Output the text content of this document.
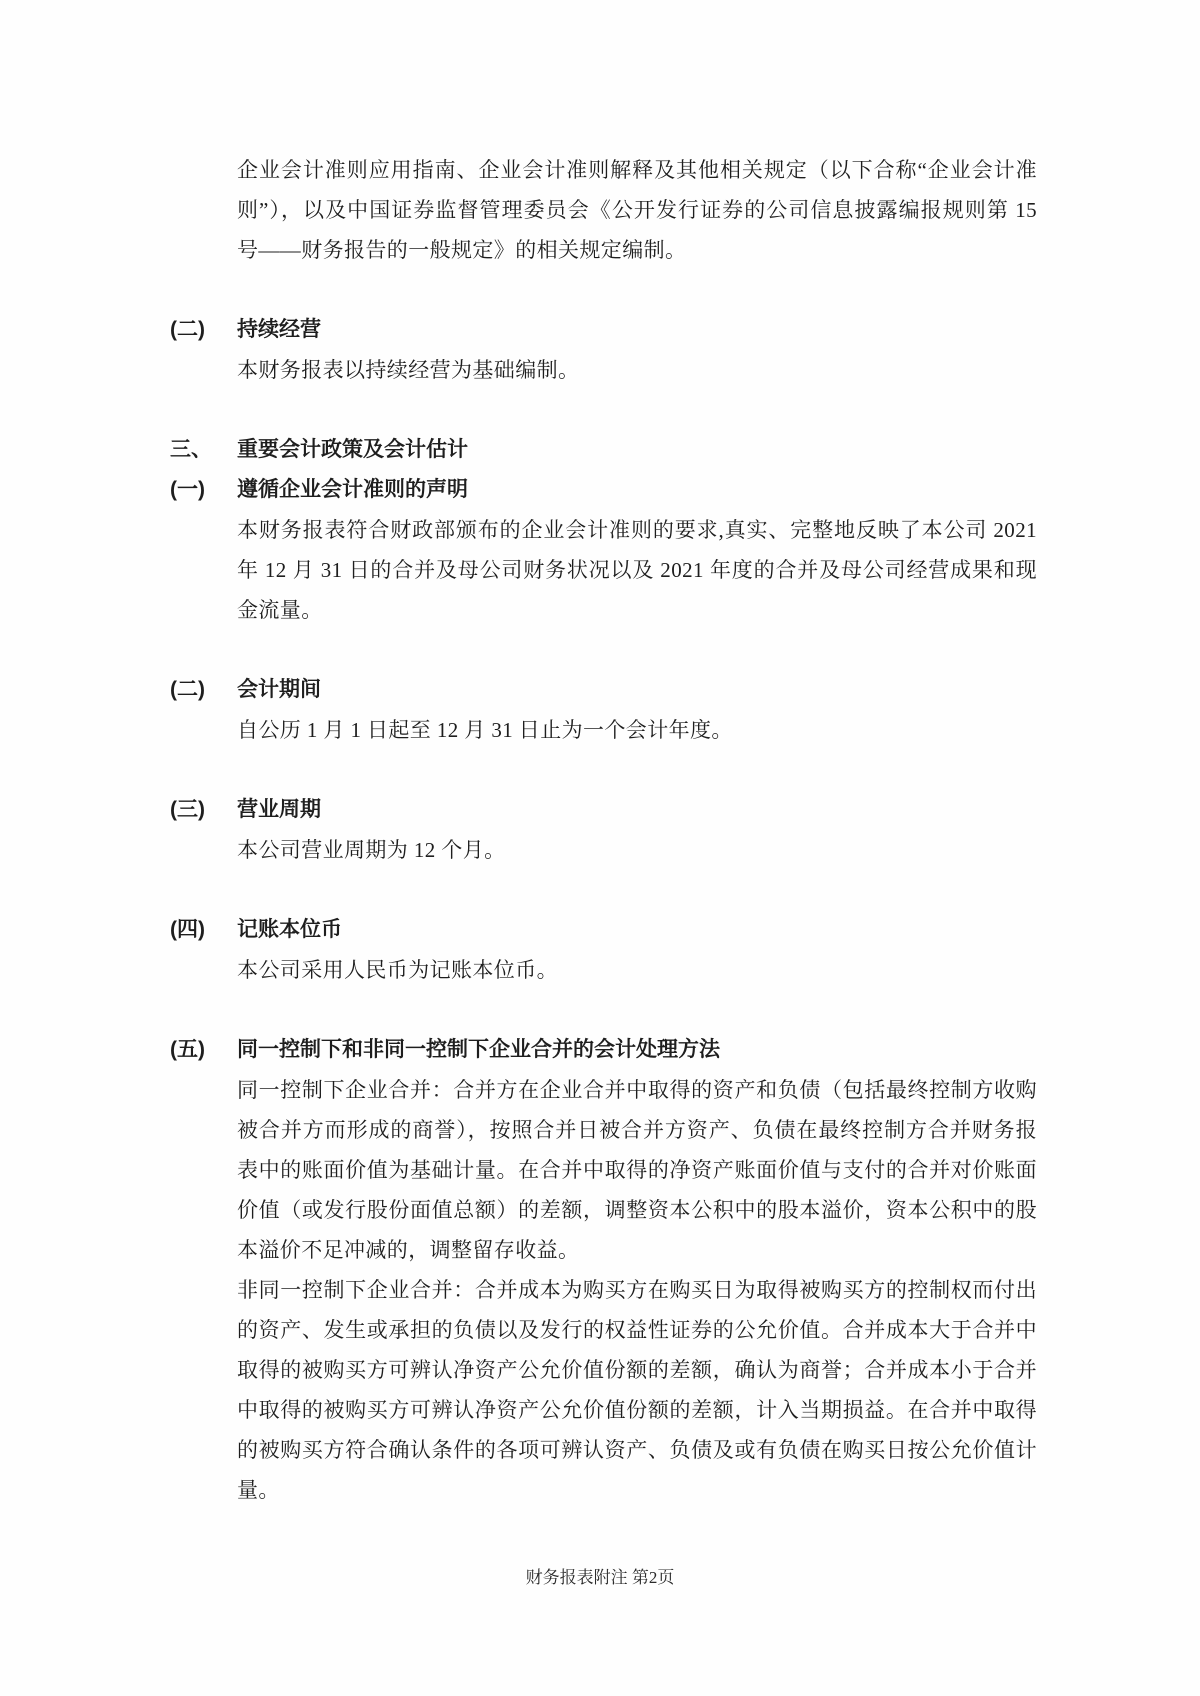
企业会计准则应用指南、企业会计准则解释及其他相关规定（以下合称“企业会计准则”），以及中国证券监督管理委员会《公开发行证券的公司信息披露编报规则第 15 号——财务报告的一般规定》的相关规定编制。

(二)	持续经营

本财务报表以持续经营为基础编制。

三、	重要会计政策及会计估计
(一)	遵循企业会计准则的声明

本财务报表符合财政部颁布的企业会计准则的要求,真实、完整地反映了本公司 2021 年 12 月 31 日的合并及母公司财务状况以及 2021 年度的合并及母公司经营成果和现金流量。

(二)	会计期间

自公历 1 月 1 日起至 12 月 31 日止为一个会计年度。

(三)	营业周期

本公司营业周期为 12 个月。

(四)	记账本位币

本公司采用人民币为记账本位币。

(五)	同一控制下和非同一控制下企业合并的会计处理方法

同一控制下企业合并：合并方在企业合并中取得的资产和负债（包括最终控制方收购被合并方而形成的商誉），按照合并日被合并方资产、负债在最终控制方合并财务报表中的账面价值为基础计量。在合并中取得的净资产账面价值与支付的合并对价账面价值（或发行股份面值总额）的差额，调整资本公积中的股本溢价，资本公积中的股本溢价不足冲减的，调整留存收益。

非同一控制下企业合并：合并成本为购买方在购买日为取得被购买方的控制权而付出的资产、发生或承担的负债以及发行的权益性证券的公允价值。合并成本大于合并中取得的被购买方可辨认净资产公允价值份额的差额，确认为商誉；合并成本小于合并中取得的被购买方可辨认净资产公允价值份额的差额，计入当期损益。在合并中取得的被购买方符合确认条件的各项可辨认资产、负债及或有负债在购买日按公允价值计量。

财务报表附注 第2页
